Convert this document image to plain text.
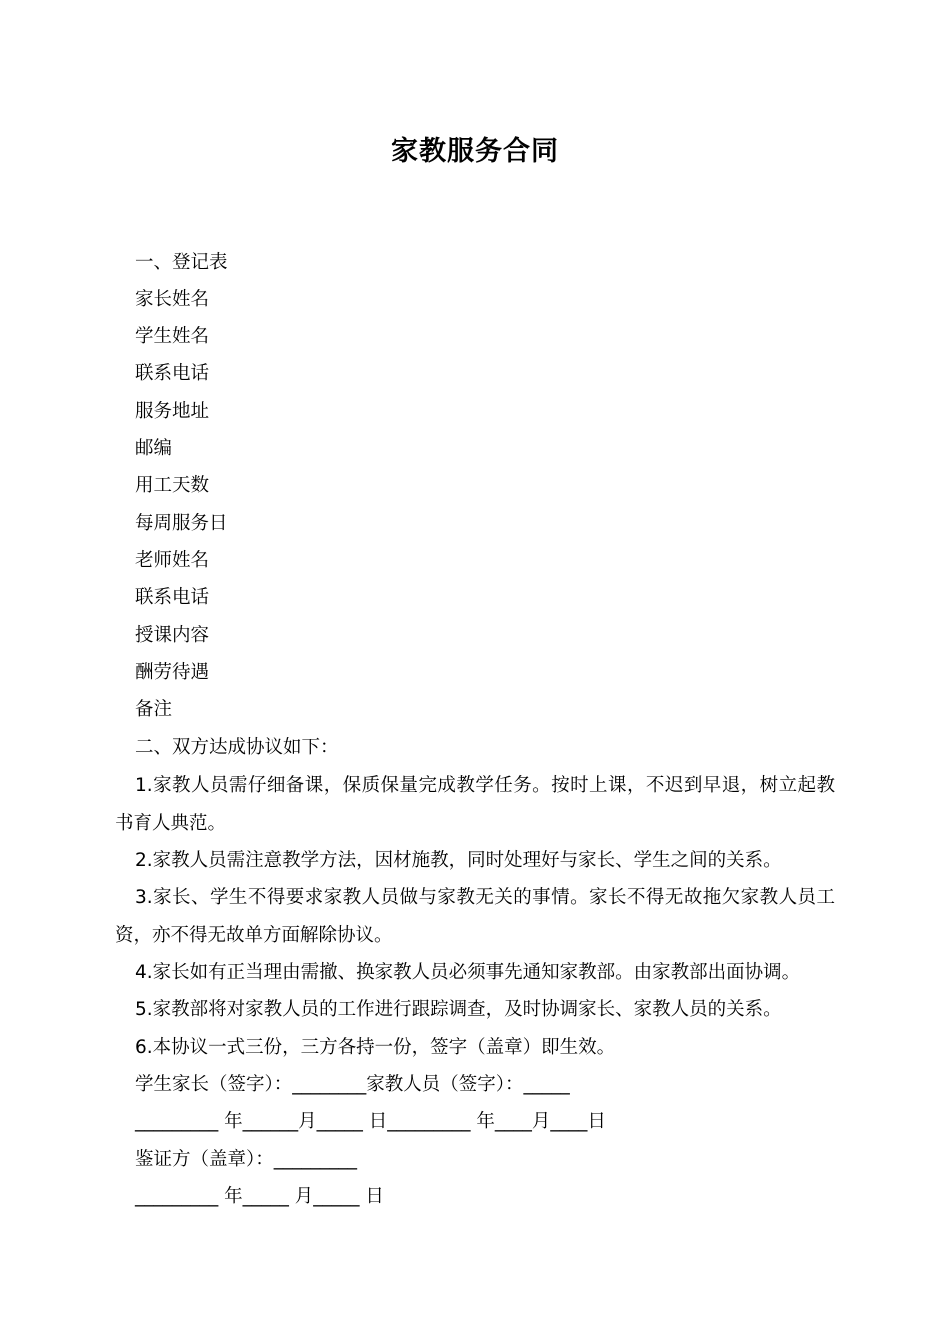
家教服务合同
一、登记表
家长姓名
学生姓名
联系电话
服务地址
邮编
用工天数
每周服务日
老师姓名
联系电话
授课内容
酬劳待遇
备注
二、双方达成协议如下：
1.家教人员需仔细备课，保质保量完成教学任务。按时上课，不迟到早退，树立起教书育人典范。
2.家教人员需注意教学方法，因材施教，同时处理好与家长、学生之间的关系。
3.家长、学生不得要求家教人员做与家教无关的事情。家长不得无故拖欠家教人员工资，亦不得无故单方面解除协议。
4.家长如有正当理由需撤、换家教人员必须事先通知家教部。由家教部出面协调。
5.家教部将对家教人员的工作进行跟踪调查，及时协调家长、家教人员的关系。
6.本协议一式三份，三方各持一份，签字（盖章）即生效。
学生家长（签字）：________家教人员（签字）：_____
_________ 年______月_____ 日_________ 年____月____日
鉴证方（盖章）：_________
_________ 年_____ 月_____ 日
